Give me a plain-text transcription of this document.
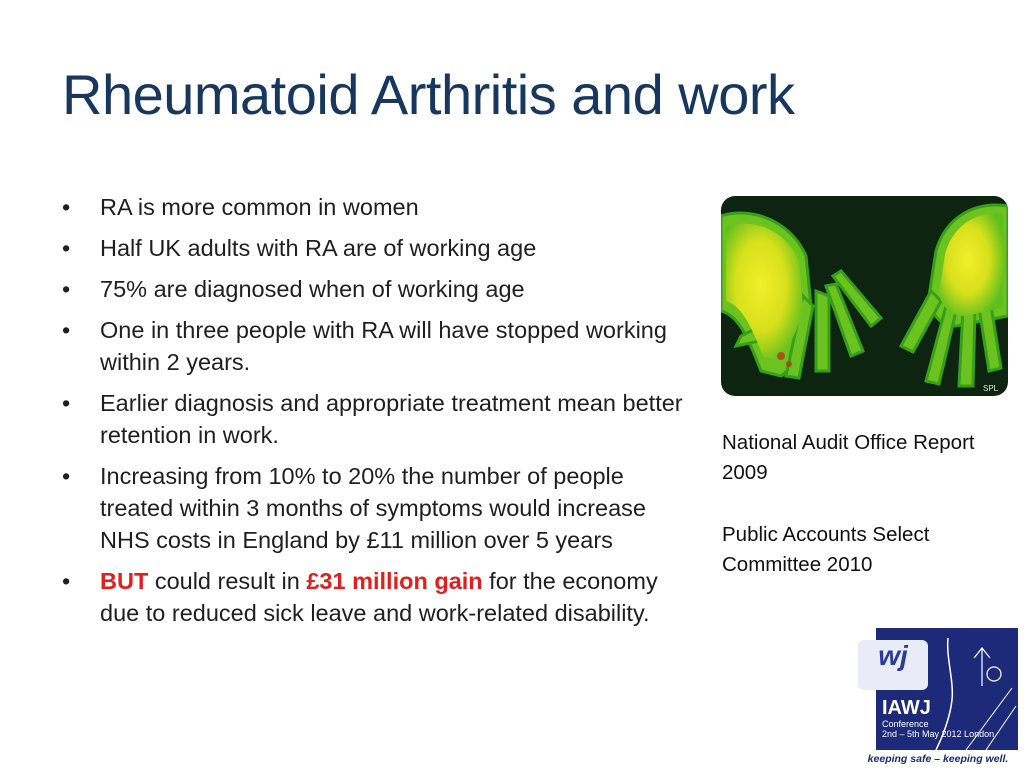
Rheumatoid Arthritis and work
• RA is more common in women
• Half UK adults with RA are of working age
• 75% are diagnosed when of working age
• One in three people with RA will have stopped working within 2 years.
• Earlier diagnosis and appropriate treatment mean better retention in work.
• Increasing from 10% to 20% the number of people treated within 3 months of symptoms would increase NHS costs in England by £11 million over 5 years
• BUT could result in £31 million gain for the economy due to reduced sick leave and work-related disability.
SPL

National Audit Office Report 2009

Public Accounts Select Committee 2010

wj
IAWJ
Conference
2nd – 5th May 2012 London
keeping safe – keeping well.
